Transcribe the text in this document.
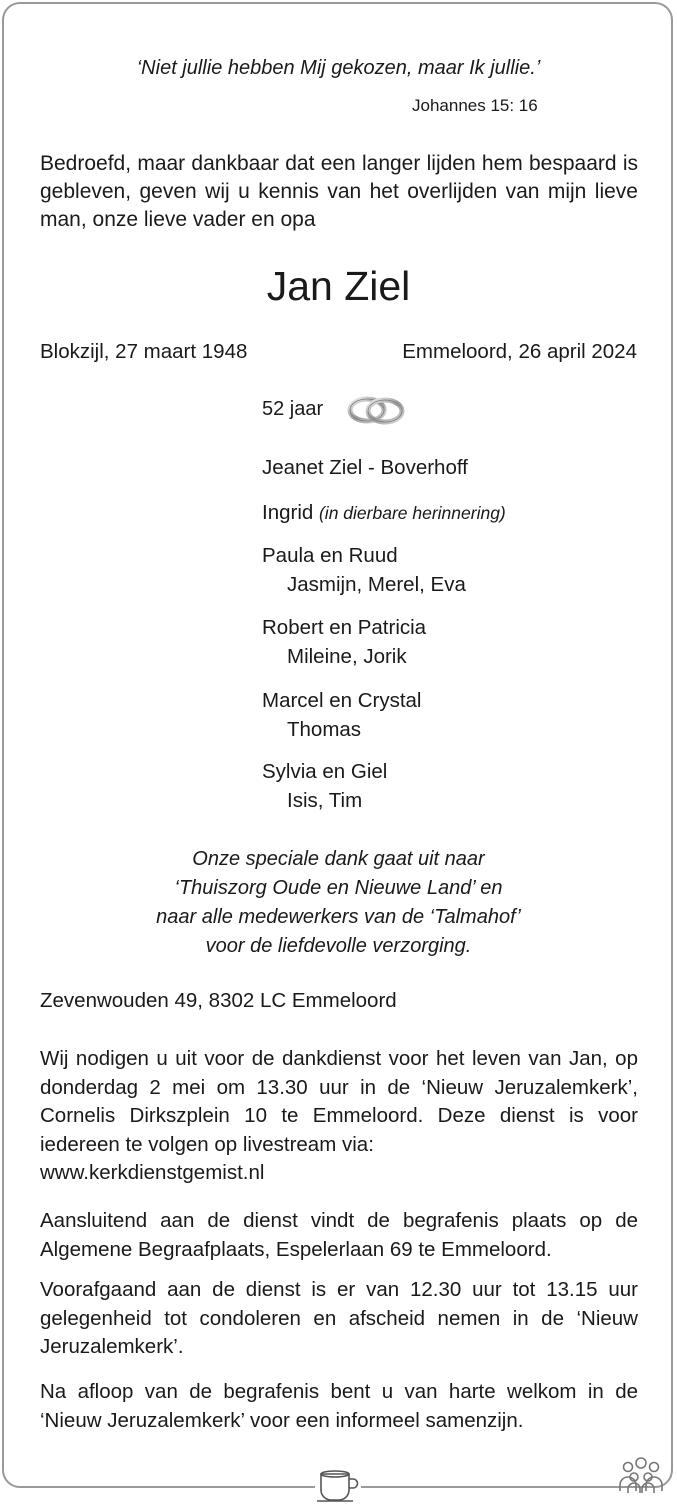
‘Niet jullie hebben Mij gekozen, maar Ik jullie.’
Johannes 15: 16
Bedroefd, maar dankbaar dat een langer lijden hem bespaard is gebleven, geven wij u kennis van het overlijden van mijn lieve man, onze lieve vader en opa
Jan Ziel
Blokzijl, 27 maart 1948	Emmeloord, 26 april 2024
52 jaar
Jeanet Ziel - Boverhoff
Ingrid (in dierbare herinnering)
Paula en Ruud
Jasmijn, Merel, Eva
Robert en Patricia
Mileine, Jorik
Marcel en Crystal
Thomas
Sylvia en Giel
Isis, Tim
Onze speciale dank gaat uit naar
‘Thuiszorg Oude en Nieuwe Land’ en
naar alle medewerkers van de ‘Talmahof’
voor de liefdevolle verzorging.
Zevenwouden 49, 8302 LC Emmeloord
Wij nodigen u uit voor de dankdienst voor het leven van Jan, op donderdag 2 mei om 13.30 uur in de ‘Nieuw Jeruzalemkerk’, Cornelis Dirkszplein 10 te Emmeloord. Deze dienst is voor iedereen te volgen op livestream via:
www.kerkdienstgemist.nl
Aansluitend aan de dienst vindt de begrafenis plaats op de Algemene Begraafplaats, Espelerlaan 69 te Emmeloord.
Voorafgaand aan de dienst is er van 12.30 uur tot 13.15 uur gelegenheid tot condoleren en afscheid nemen in de ‘Nieuw Jeruzalemkerk’.
Na afloop van de begrafenis bent u van harte welkom in de ‘Nieuw Jeruzalemkerk’ voor een informeel samenzijn.
